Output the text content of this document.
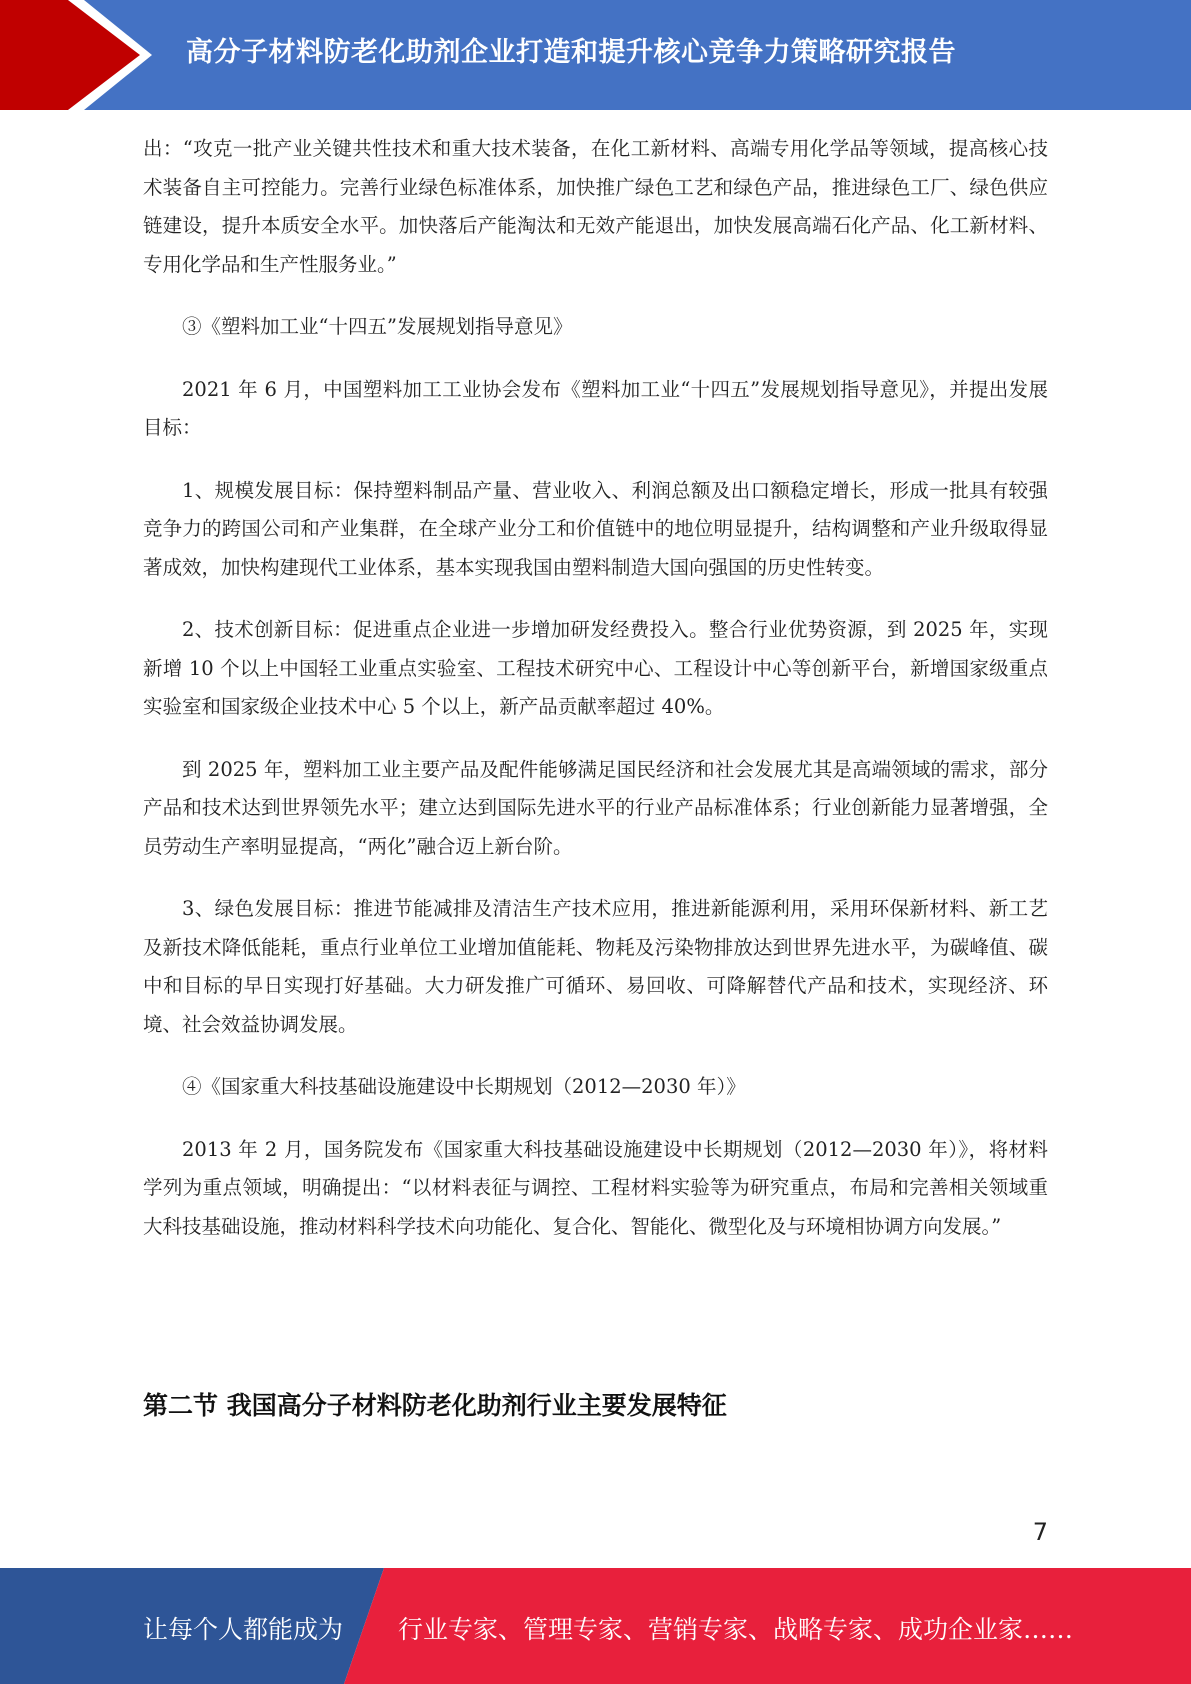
高分子材料防老化助剂企业打造和提升核心竞争力策略研究报告

出：“攻克一批产业关键共性技术和重大技术装备，在化工新材料、高端专用化学品等领域，提高核心技术装备自主可控能力。完善行业绿色标准体系，加快推广绿色工艺和绿色产品，推进绿色工厂、绿色供应链建设，提升本质安全水平。加快落后产能淘汰和无效产能退出，加快发展高端石化产品、化工新材料、专用化学品和生产性服务业。”

③《塑料加工业“十四五”发展规划指导意见》

2021 年 6 月，中国塑料加工工业协会发布《塑料加工业“十四五”发展规划指导意见》，并提出发展目标：

1、规模发展目标：保持塑料制品产量、营业收入、利润总额及出口额稳定增长，形成一批具有较强竞争力的跨国公司和产业集群，在全球产业分工和价值链中的地位明显提升，结构调整和产业升级取得显著成效，加快构建现代工业体系，基本实现我国由塑料制造大国向强国的历史性转变。

2、技术创新目标：促进重点企业进一步增加研发经费投入。整合行业优势资源，到 2025 年，实现新增 10 个以上中国轻工业重点实验室、工程技术研究中心、工程设计中心等创新平台，新增国家级重点实验室和国家级企业技术中心 5 个以上，新产品贡献率超过 40%。

到 2025 年，塑料加工业主要产品及配件能够满足国民经济和社会发展尤其是高端领域的需求，部分产品和技术达到世界领先水平；建立达到国际先进水平的行业产品标准体系；行业创新能力显著增强，全员劳动生产率明显提高，“两化”融合迈上新台阶。

3、绿色发展目标：推进节能减排及清洁生产技术应用，推进新能源利用，采用环保新材料、新工艺及新技术降低能耗，重点行业单位工业增加值能耗、物耗及污染物排放达到世界先进水平，为碳峰值、碳中和目标的早日实现打好基础。大力研发推广可循环、易回收、可降解替代产品和技术，实现经济、环境、社会效益协调发展。

④《国家重大科技基础设施建设中长期规划（2012—2030 年）》

2013 年 2 月，国务院发布《国家重大科技基础设施建设中长期规划（2012—2030 年）》，将材料学列为重点领域，明确提出：“以材料表征与调控、工程材料实验等为研究重点，布局和完善相关领域重大科技基础设施，推动材料科学技术向功能化、复合化、智能化、微型化及与环境相协调方向发展。”

第二节 我国高分子材料防老化助剂行业主要发展特征
7
让每个人都能成为 行业专家、管理专家、营销专家、战略专家、成功企业家……
